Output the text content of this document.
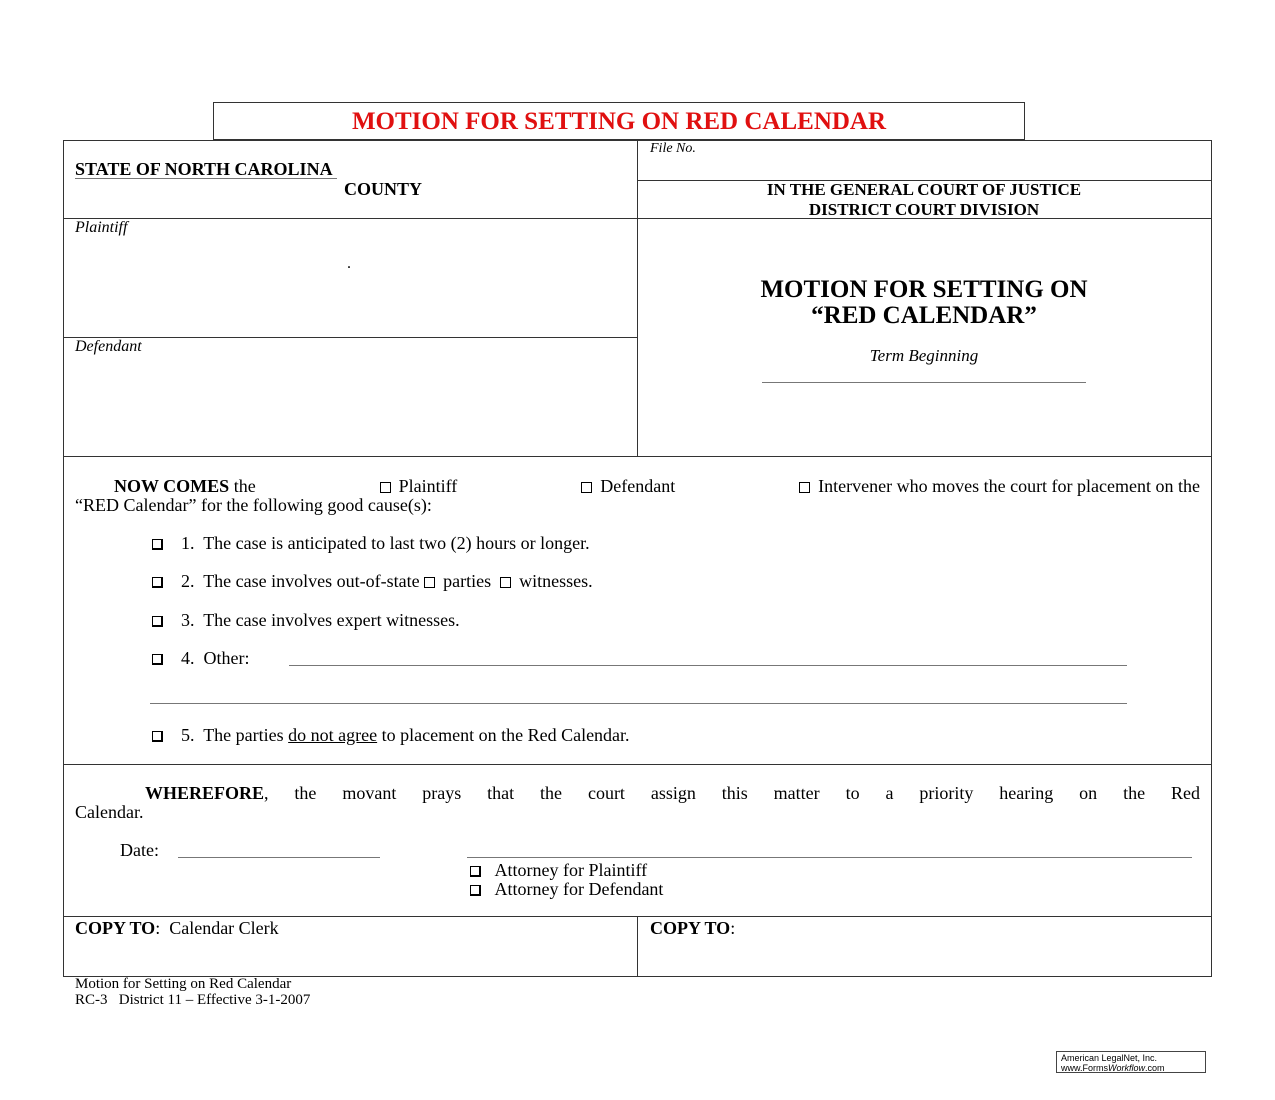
MOTION FOR SETTING ON RED CALENDAR
STATE OF NORTH CAROLINA
COUNTY
File No.
IN THE GENERAL COURT OF JUSTICE
DISTRICT COURT DIVISION
Plaintiff
.
Defendant
MOTION FOR SETTING ON
“RED CALENDAR”
Term Beginning
NOW COMES the	Plaintiff	Defendant	Intervener who moves the court for placement on the
“RED Calendar” for the following good cause(s):
1. The case is anticipated to last two (2) hours or longer.
2. The case involves out-of-state parties witnesses.
3. The case involves expert witnesses.
4. Other:
5. The parties do not agree to placement on the Red Calendar.
WHEREFORE, the movant prays that the court assign this matter to a priority hearing on the Red
Calendar.
Date:
Attorney for Plaintiff
Attorney for Defendant
COPY TO: Calendar Clerk	COPY TO:
Motion for Setting on Red Calendar
RC-3   District 11 – Effective 3-1-2007
American LegalNet, Inc.
www.FormsWorkflow.com
